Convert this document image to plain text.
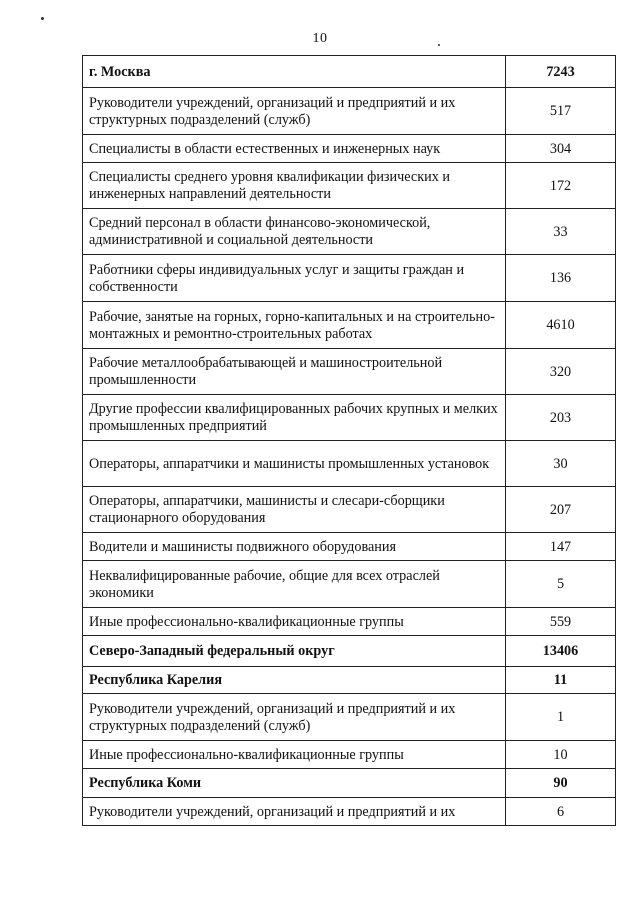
10
г. Москва	7243
Руководители учреждений, организаций и предприятий и их структурных подразделений (служб)	517
Специалисты в области естественных и инженерных наук	304
Специалисты среднего уровня квалификации физических и инженерных направлений деятельности	172
Средний персонал в области финансово-экономической, административной и социальной деятельности	33
Работники сферы индивидуальных услуг и защиты граждан и собственности	136
Рабочие, занятые на горных, горно-капитальных и на строительно-монтажных и ремонтно-строительных работах	4610
Рабочие металлообрабатывающей и машиностроительной промышленности	320
Другие профессии квалифицированных рабочих крупных и мелких промышленных предприятий	203
Операторы, аппаратчики и машинисты промышленных установок	30
Операторы, аппаратчики, машинисты и слесари-сборщики стационарного оборудования	207
Водители и машинисты подвижного оборудования	147
Неквалифицированные рабочие, общие для всех отраслей экономики	5
Иные профессионально-квалификационные группы	559
Северо-Западный федеральный округ	13406
Республика Карелия	11
Руководители учреждений, организаций и предприятий и их структурных подразделений (служб)	1
Иные профессионально-квалификационные группы	10
Республика Коми	90
Руководители учреждений, организаций и предприятий и их	6
